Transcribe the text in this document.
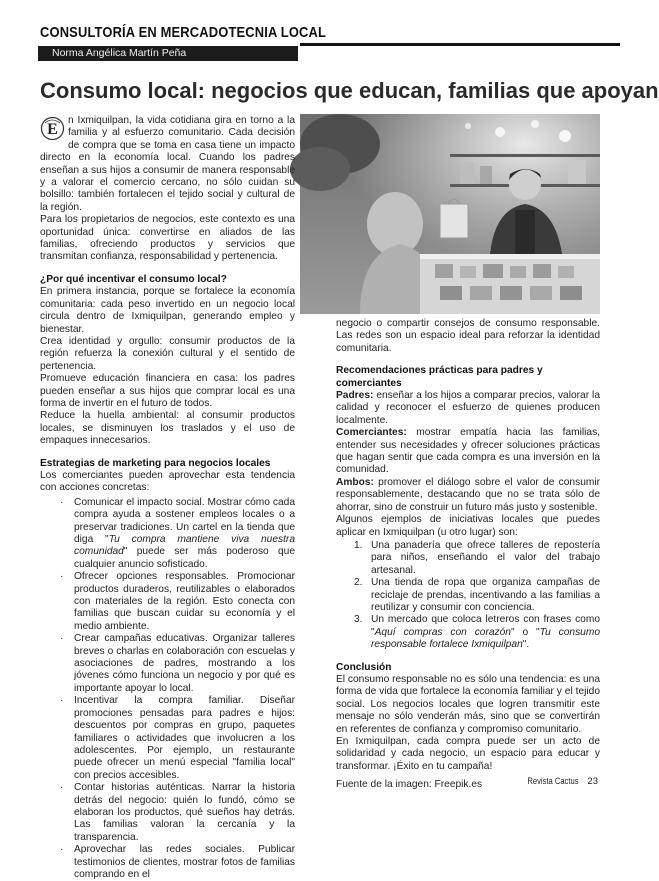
CONSULTORÍA EN MERCADOTECNIA LOCAL
Norma Angélica Martín Peña
Consumo local: negocios que educan, familias que apoyan
E

n Ixmiquilpan, la vida cotidiana gira en torno a la familia y al esfuerzo comunitario. Cada decisión de compra que se toma en casa tiene un impacto directo en la economía local. Cuando los padres enseñan a sus hijos a consumir de manera responsable y a valorar el comercio cercano, no sólo cuidan su bolsillo: también fortalecen el tejido social y cultural de la región.

Para los propietarios de negocios, este contexto es una oportunidad única: convertirse en aliados de las familias, ofreciendo productos y servicios que transmitan confianza, responsabilidad y pertenencia.

¿Por qué incentivar el consumo local?

En primera instancia, porque se fortalece la economía comunitaria: cada peso invertido en un negocio local circula dentro de Ixmiquilpan, generando empleo y bienestar.

Crea identidad y orgullo: consumir productos de la región refuerza la conexión cultural y el sentido de pertenencia.

Promueve educación financiera en casa: los padres pueden enseñar a sus hijos que comprar local es una forma de invertir en el futuro de todos.

Reduce la huella ambiental: al consumir productos locales, se disminuyen los traslados y el uso de empaques innecesarios.

Estrategias de marketing para negocios locales

Los comerciantes pueden aprovechar esta tendencia con acciones concretas:

· Comunicar el impacto social. Mostrar cómo cada compra ayuda a sostener empleos locales o a preservar tradiciones. Un cartel en la tienda que diga "Tu compra mantiene viva nuestra comunidad" puede ser más poderoso que cualquier anuncio sofisticado.
· Ofrecer opciones responsables. Promocionar productos duraderos, reutilizables o elaborados con materiales de la región. Esto conecta con familias que buscan cuidar su economía y el medio ambiente.
· Crear campañas educativas. Organizar talleres breves o charlas en colaboración con escuelas y asociaciones de padres, mostrando a los jóvenes cómo funciona un negocio y por qué es importante apoyar lo local.
· Incentivar la compra familiar. Diseñar promociones pensadas para padres e hijos: descuentos por compras en grupo, paquetes familiares o actividades que involucren a los adolescentes. Por ejemplo, un restaurante puede ofrecer un menú especial "familia local" con precios accesibles.
· Contar historias auténticas. Narrar la historia detrás del negocio: quién lo fundó, cómo se elaboran los productos, qué sueños hay detrás. Las familias valoran la cercanía y la transparencia.
· Aprovechar las redes sociales. Publicar testimonios de clientes, mostrar fotos de familias comprando en el

negocio o compartir consejos de consumo responsable. Las redes son un espacio ideal para reforzar la identidad comunitaria.

Recomendaciones prácticas para padres y comerciantes

Padres: enseñar a los hijos a comparar precios, valorar la calidad y reconocer el esfuerzo de quienes producen localmente.

Comerciantes: mostrar empatía hacia las familias, entender sus necesidades y ofrecer soluciones prácticas que hagan sentir que cada compra es una inversión en la comunidad.

Ambos: promover el diálogo sobre el valor de consumir responsablemente, destacando que no se trata sólo de ahorrar, sino de construir un futuro más justo y sostenible.

Algunos ejemplos de iniciativas locales que puedes aplicar en Ixmiquilpan (u otro lugar) son:

1. Una panadería que ofrece talleres de repostería para niños, enseñando el valor del trabajo artesanal.
2. Una tienda de ropa que organiza campañas de reciclaje de prendas, incentivando a las familias a reutilizar y consumir con conciencia.
3. Un mercado que coloca letreros con frases como "Aquí compras con corazón" o "Tu consumo responsable fortalece Ixmiquilpan".
Conclusión

El consumo responsable no es sólo una tendencia: es una forma de vida que fortalece la economía familiar y el tejido social. Los negocios locales que logren transmitir este mensaje no sólo venderán más, sino que se convertirán en referentes de confianza y compromiso comunitario.

En Ixmiquilpan, cada compra puede ser un acto de solidaridad y cada negocio, un espacio para educar y transformar. ¡Éxito en tu campaña!

Fuente de la imagen: Freepik.es	Revista Cactus 23
